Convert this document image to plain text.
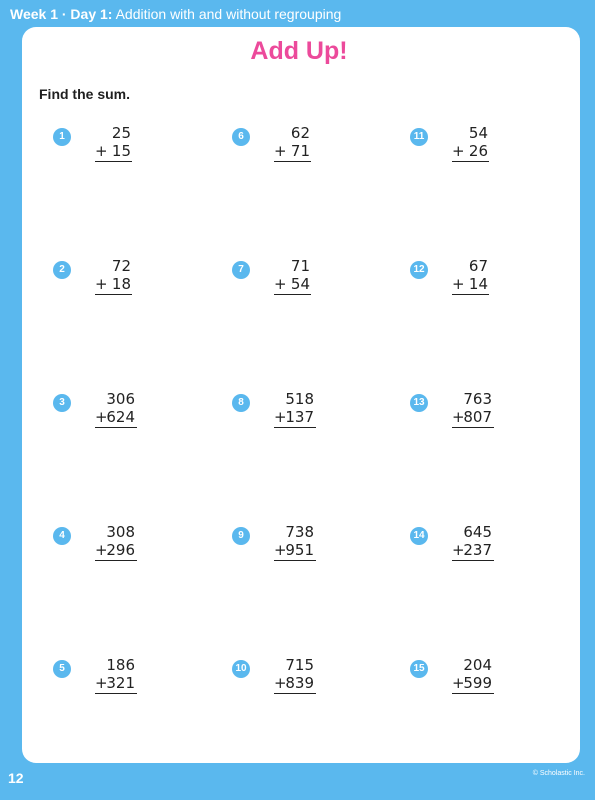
Week 1 · Day 1: Addition with and without regrouping
Add Up!
Find the sum.
1	25
+ 15
2	72
+ 18
3	306
+
624
4	308
+
296
5	186
+
321
6	62
+ 71
7	71
+ 54
8	518
+
137
9	738
+
951
10	715
+
839
11	54
+ 26
12	67
+ 14
13	763
+
807
14	645
+
237
15	204
+
599
12	© Scholastic Inc.
